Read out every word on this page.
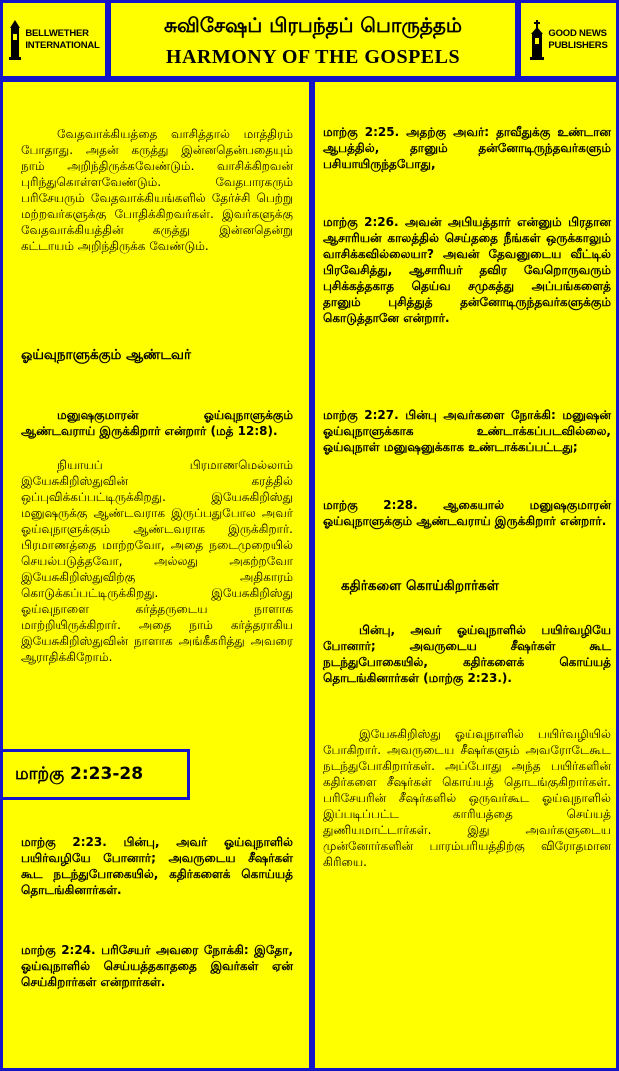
BELLWETHER
INTERNATIONAL
சுவிசேஷப் பிரபந்தப் பொருத்தம்
HARMONY OF THE GOSPELS
GOOD NEWS
PUBLISHERS

வேதவாக்கியத்தை வாசித்தால் மாத்திரம் போதாது. அதன் கருத்து இன்னதென்பதையும் நாம் அறிந்திருக்கவேண்டும். வாசிக்கிறவன் புரிந்துகொள்ளவேண்டும். வேதபாரகரும் பரிசேயரும் வேதவாக்கியங்களில் தேர்ச்சி பெற்று மற்றவர்களுக்கு போதிக்கிறவர்கள். இவர்களுக்கு வேதவாக்கியத்தின் கருத்து இன்னதென்று கட்டாயம் அறிந்திருக்க வேண்டும்.

ஓய்வுநாளுக்கும் ஆண்டவர்

மனுஷகுமாரன் ஓய்வுநாளுக்கும் ஆண்டவராய் இருக்கிறார் என்றார் (மத் 12:8).

நியாயப் பிரமாணமெல்லாம் இயேசுகிறிஸ்துவின் கரத்தில் ஒப்புவிக்கப்பட்டிருக்கிறது. இயேசுகிறிஸ்து மனுஷருக்கு ஆண்டவராக இருப்பதுபோல அவர் ஓய்வுநாளுக்கும் ஆண்டவராக இருக்கிறார். பிரமாணத்தை மாற்றவோ, அதை நடைமுறையில் செயல்படுத்தவோ, அல்லது அகற்றவோ இயேசுகிறிஸ்துவிற்கு அதிகாரம் கொடுக்கப்பட்டிருக்கிறது. இயேசுகிறிஸ்து ஓய்வுநாளை கர்த்தருடைய நாளாக மாற்றியிருக்கிறார். அதை நாம் கர்த்தராகிய இயேசுகிறிஸ்துவின் நாளாக அங்கீகரித்து அவரை ஆராதிக்கிறோம்.

மாற்கு 2:23. பின்பு, அவர் ஓய்வுநாளில் பயிர்வழியே போனார்; அவருடைய சீஷர்கள் கூட நடந்துபோகையில், கதிர்களைக் கொய்யத் தொடங்கினார்கள்.

மாற்கு 2:24. பரிசேயர் அவரை நோக்கி: இதோ, ஓய்வுநாளில் செய்யத்தகாததை இவர்கள் ஏன் செய்கிறார்கள் என்றார்கள்.

மாற்கு 2:23-28

மாற்கு 2:25. அதற்கு அவர்: தாவீதுக்கு உண்டான ஆபத்தில், தானும் தன்னோடிருந்தவர்களும் பசியாயிருந்தபோது,

மாற்கு 2:26. அவன் அபியத்தார் என்னும் பிரதான ஆசாரியன் காலத்தில் செய்ததை நீங்கள் ஒருக்காலும் வாசிக்கவில்லையா? அவன் தேவனுடைய வீட்டில் பிரவேசித்து, ஆசாரியர் தவிர வேறொருவரும் புசிக்கத்தகாத தெய்வ சமுகத்து அப்பங்களைத் தானும் புசித்துத் தன்னோடிருந்தவர்களுக்கும் கொடுத்தானே என்றார்.

மாற்கு 2:27. பின்பு அவர்களை நோக்கி: மனுஷன் ஓய்வுநாளுக்காக உண்டாக்கப்படவில்லை, ஓய்வுநாள் மனுஷனுக்காக உண்டாக்கப்பட்டது;

மாற்கு 2:28. ஆகையால் மனுஷகுமாரன் ஓய்வுநாளுக்கும் ஆண்டவராய் இருக்கிறார் என்றார்.

கதிர்களை கொய்கிறார்கள்

பின்பு, அவர் ஓய்வுநாளில் பயிர்வழியே போனார்; அவருடைய சீஷர்கள் கூட நடந்துபோகையில், கதிர்களைக் கொய்யத் தொடங்கினார்கள் (மாற்கு 2:23.).

இயேசுகிறிஸ்து ஓய்வுநாளில் பயிர்வழியில் போகிறார். அவருடைய சீஷர்களும் அவரோடேகூட நடந்துபோகிறார்கள். அப்போது அந்த பயிர்களின் கதிர்களை சீஷர்கள் கொய்யத் தொடங்குகிறார்கள். பரிசேயரின் சீஷர்களில் ஒருவர்கூட ஓய்வுநாளில் இப்படிப்பட்ட காரியத்தை செய்யத் துணியமாட்டார்கள். இது அவர்களுடைய முன்னோர்களின் பாரம்பரியத்திற்கு விரோதமான கிரியை.
